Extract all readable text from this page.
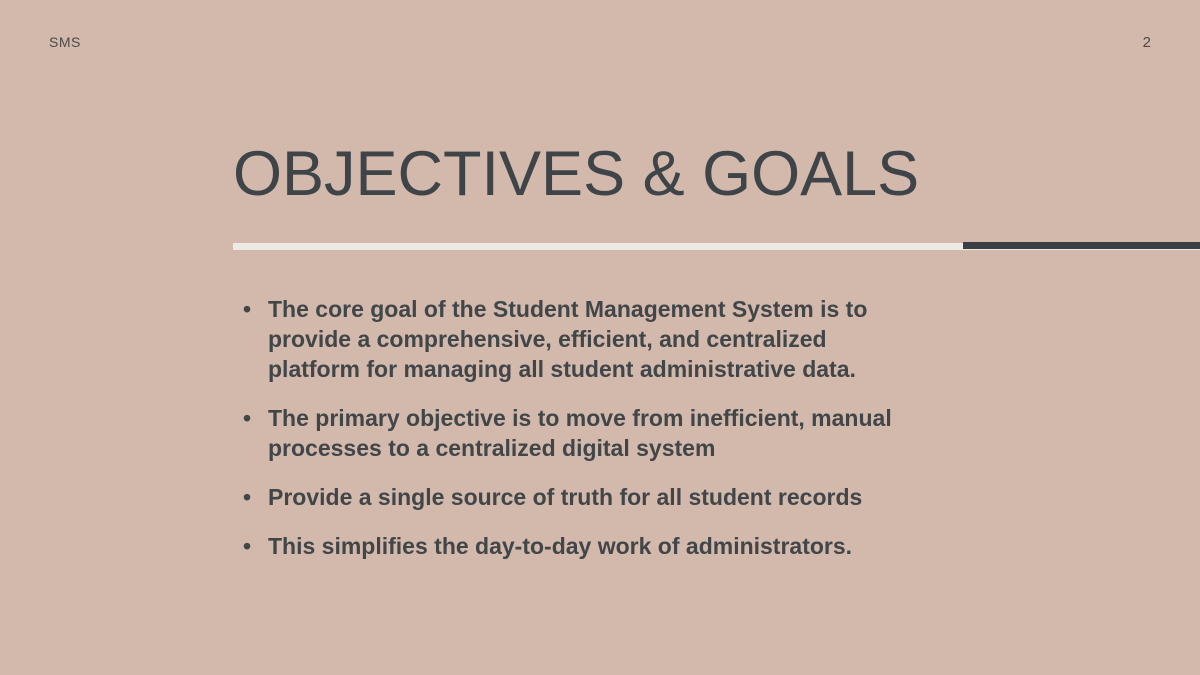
SMS	2
OBJECTIVES & GOALS
• The core goal of the Student Management System is to
provide a comprehensive, efficient, and centralized
platform for managing all student administrative data.
• The primary objective is to move from inefficient, manual
processes to a centralized digital system
• Provide a single source of truth for all student records
• This simplifies the day-to-day work of administrators.
